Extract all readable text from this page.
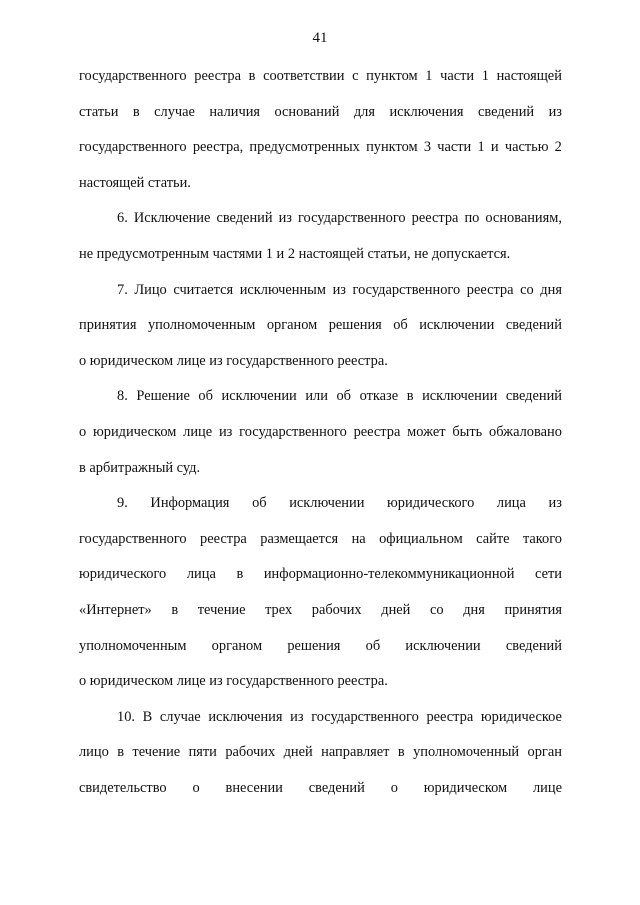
41
государственного реестра в соответствии с пунктом 1 части 1 настоящей
статьи в случае наличия оснований для исключения сведений из
государственного реестра, предусмотренных пунктом 3 части 1 и частью 2
настоящей статьи.
6. Исключение сведений из государственного реестра по основаниям,
не предусмотренным частями 1 и 2 настоящей статьи, не допускается.
7. Лицо считается исключенным из государственного реестра со дня
принятия уполномоченным органом решения об исключении сведений
о юридическом лице из государственного реестра.
8. Решение об исключении или об отказе в исключении сведений
о юридическом лице из государственного реестра может быть обжаловано
в арбитражный суд.
9. Информация об исключении юридического лица из
государственного реестра размещается на официальном сайте такого
юридического лица в информационно-телекоммуникационной сети
«Интернет» в течение трех рабочих дней со дня принятия
уполномоченным органом решения об исключении сведений
о юридическом лице из государственного реестра.
10. В случае исключения из государственного реестра юридическое
лицо в течение пяти рабочих дней направляет в уполномоченный орган
свидетельство о внесении сведений о юридическом лице
